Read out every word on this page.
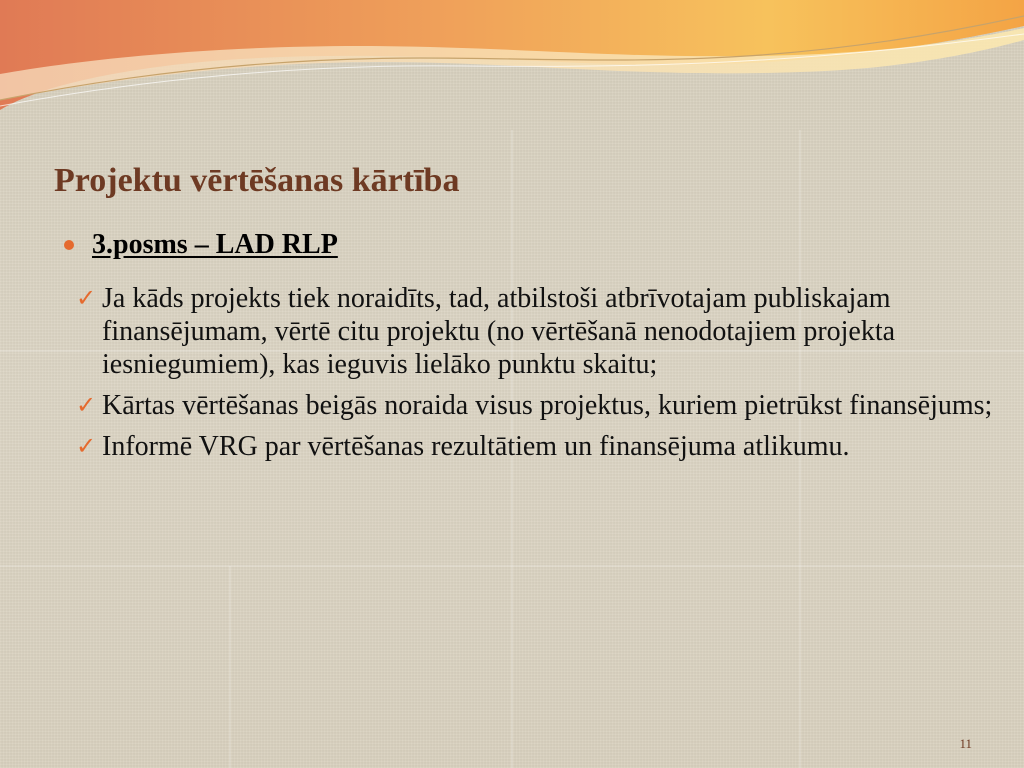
Projektu vērtēšanas kārtība
3.posms – LAD RLP
✓ Ja kāds projekts tiek noraidīts, tad, atbilstoši atbrīvotajam publiskajam finansējumam, vērtē citu projektu (no vērtēšanā nenodotajiem projekta iesniegumiem), kas ieguvis lielāko punktu skaitu;
✓ Kārtas vērtēšanas beigās noraida visus projektus, kuriem pietrūkst finansējums;
✓ Informē VRG par vērtēšanas rezultātiem un finansējuma atlikumu.
11
